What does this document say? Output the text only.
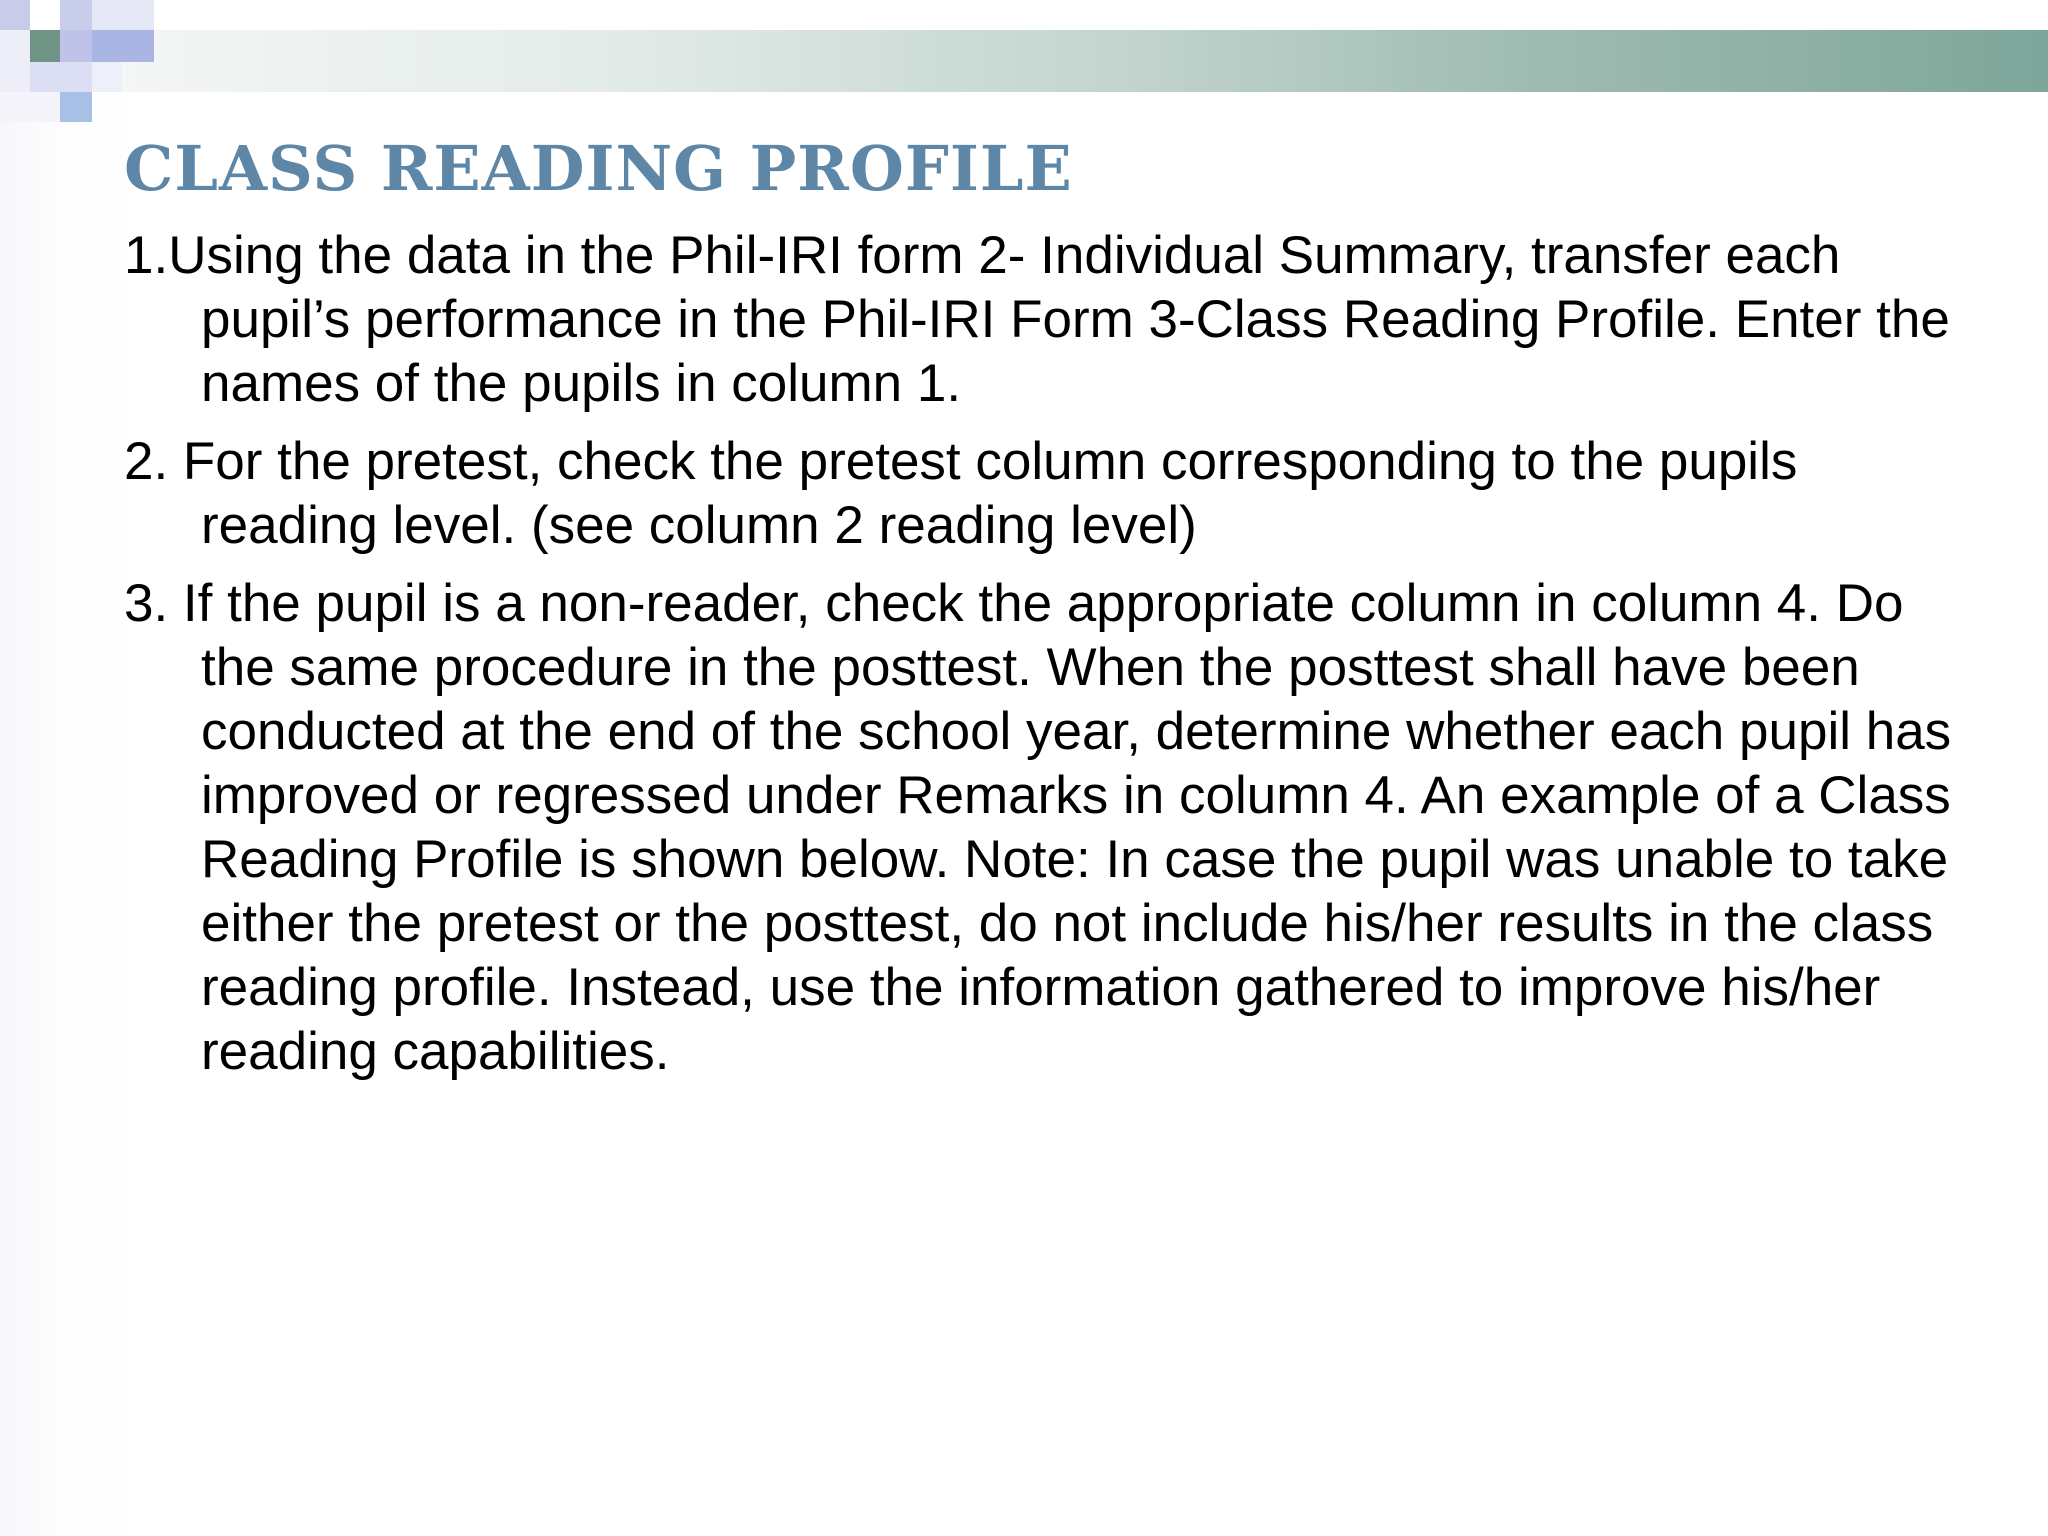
CLASS READING PROFILE
1.Using the data in the Phil-IRI form 2- Individual Summary, transfer each pupil’s performance in the Phil-IRI Form 3-Class Reading Profile. Enter the names of the pupils in column 1.
2. For the pretest, check the pretest column corresponding to the pupils reading level. (see column 2 reading level)
3. If the pupil is a non-reader, check the appropriate column in column 4. Do the same procedure in the posttest. When the posttest shall have been conducted at the end of the school year, determine whether each pupil has improved or regressed under Remarks in column 4. An example of a Class Reading Profile is shown below. Note: In case the pupil was unable to take either the pretest or the posttest, do not include his/her results in the class reading profile. Instead, use the information gathered to improve his/her reading capabilities.
